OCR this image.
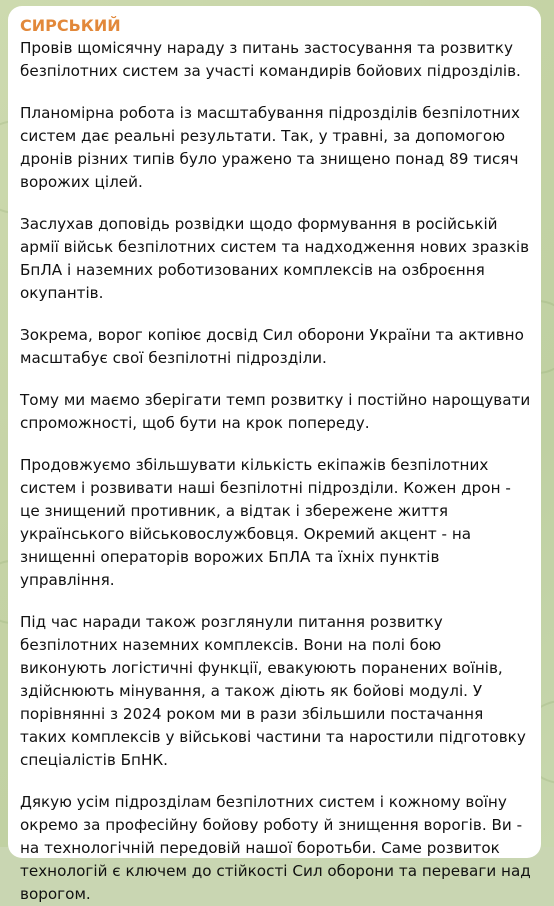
СИРСЬКИЙ

Провів щомісячну нараду з питань застосування та розвитку безпілотних систем за участі командирів бойових підрозділів.

Планомірна робота із масштабування підрозділів безпілотних систем дає реальні результати. Так, у травні, за допомогою дронів різних типів було уражено та знищено понад 89 тисяч ворожих цілей.

Заслухав доповідь розвідки щодо формування в російській армії військ безпілотних систем та надходження нових зразків БпЛА і наземних роботизованих комплексів на озброєння окупантів.

Зокрема, ворог копіює досвід Сил оборони України та активно масштабує свої безпілотні підрозділи.

Тому ми маємо зберігати темп розвитку і постійно нарощувати спроможності, щоб бути на крок попереду.

Продовжуємо збільшувати кількість екіпажів безпілотних систем і розвивати наші безпілотні підрозділи. Кожен дрон - це знищений противник, а відтак і збережене життя українського військовослужбовця. Окремий акцент - на знищенні операторів ворожих БпЛА та їхніх пунктів управління.

Під час наради також розглянули питання розвитку безпілотних наземних комплексів. Вони на полі бою виконують логістичні функції, евакуюють поранених воїнів, здійснюють мінування, а також діють як бойові модулі. У порівнянні з 2024 роком ми в рази збільшили постачання таких комплексів у військові частини та наростили підготовку спеціалістів БпНК.

Дякую усім підрозділам безпілотних систем і кожному воїну окремо за професійну бойову роботу й знищення ворогів. Ви - на технологічній передовій нашої боротьби. Саме розвиток технологій є ключем до стійкості Сил оборони та переваги над ворогом.
